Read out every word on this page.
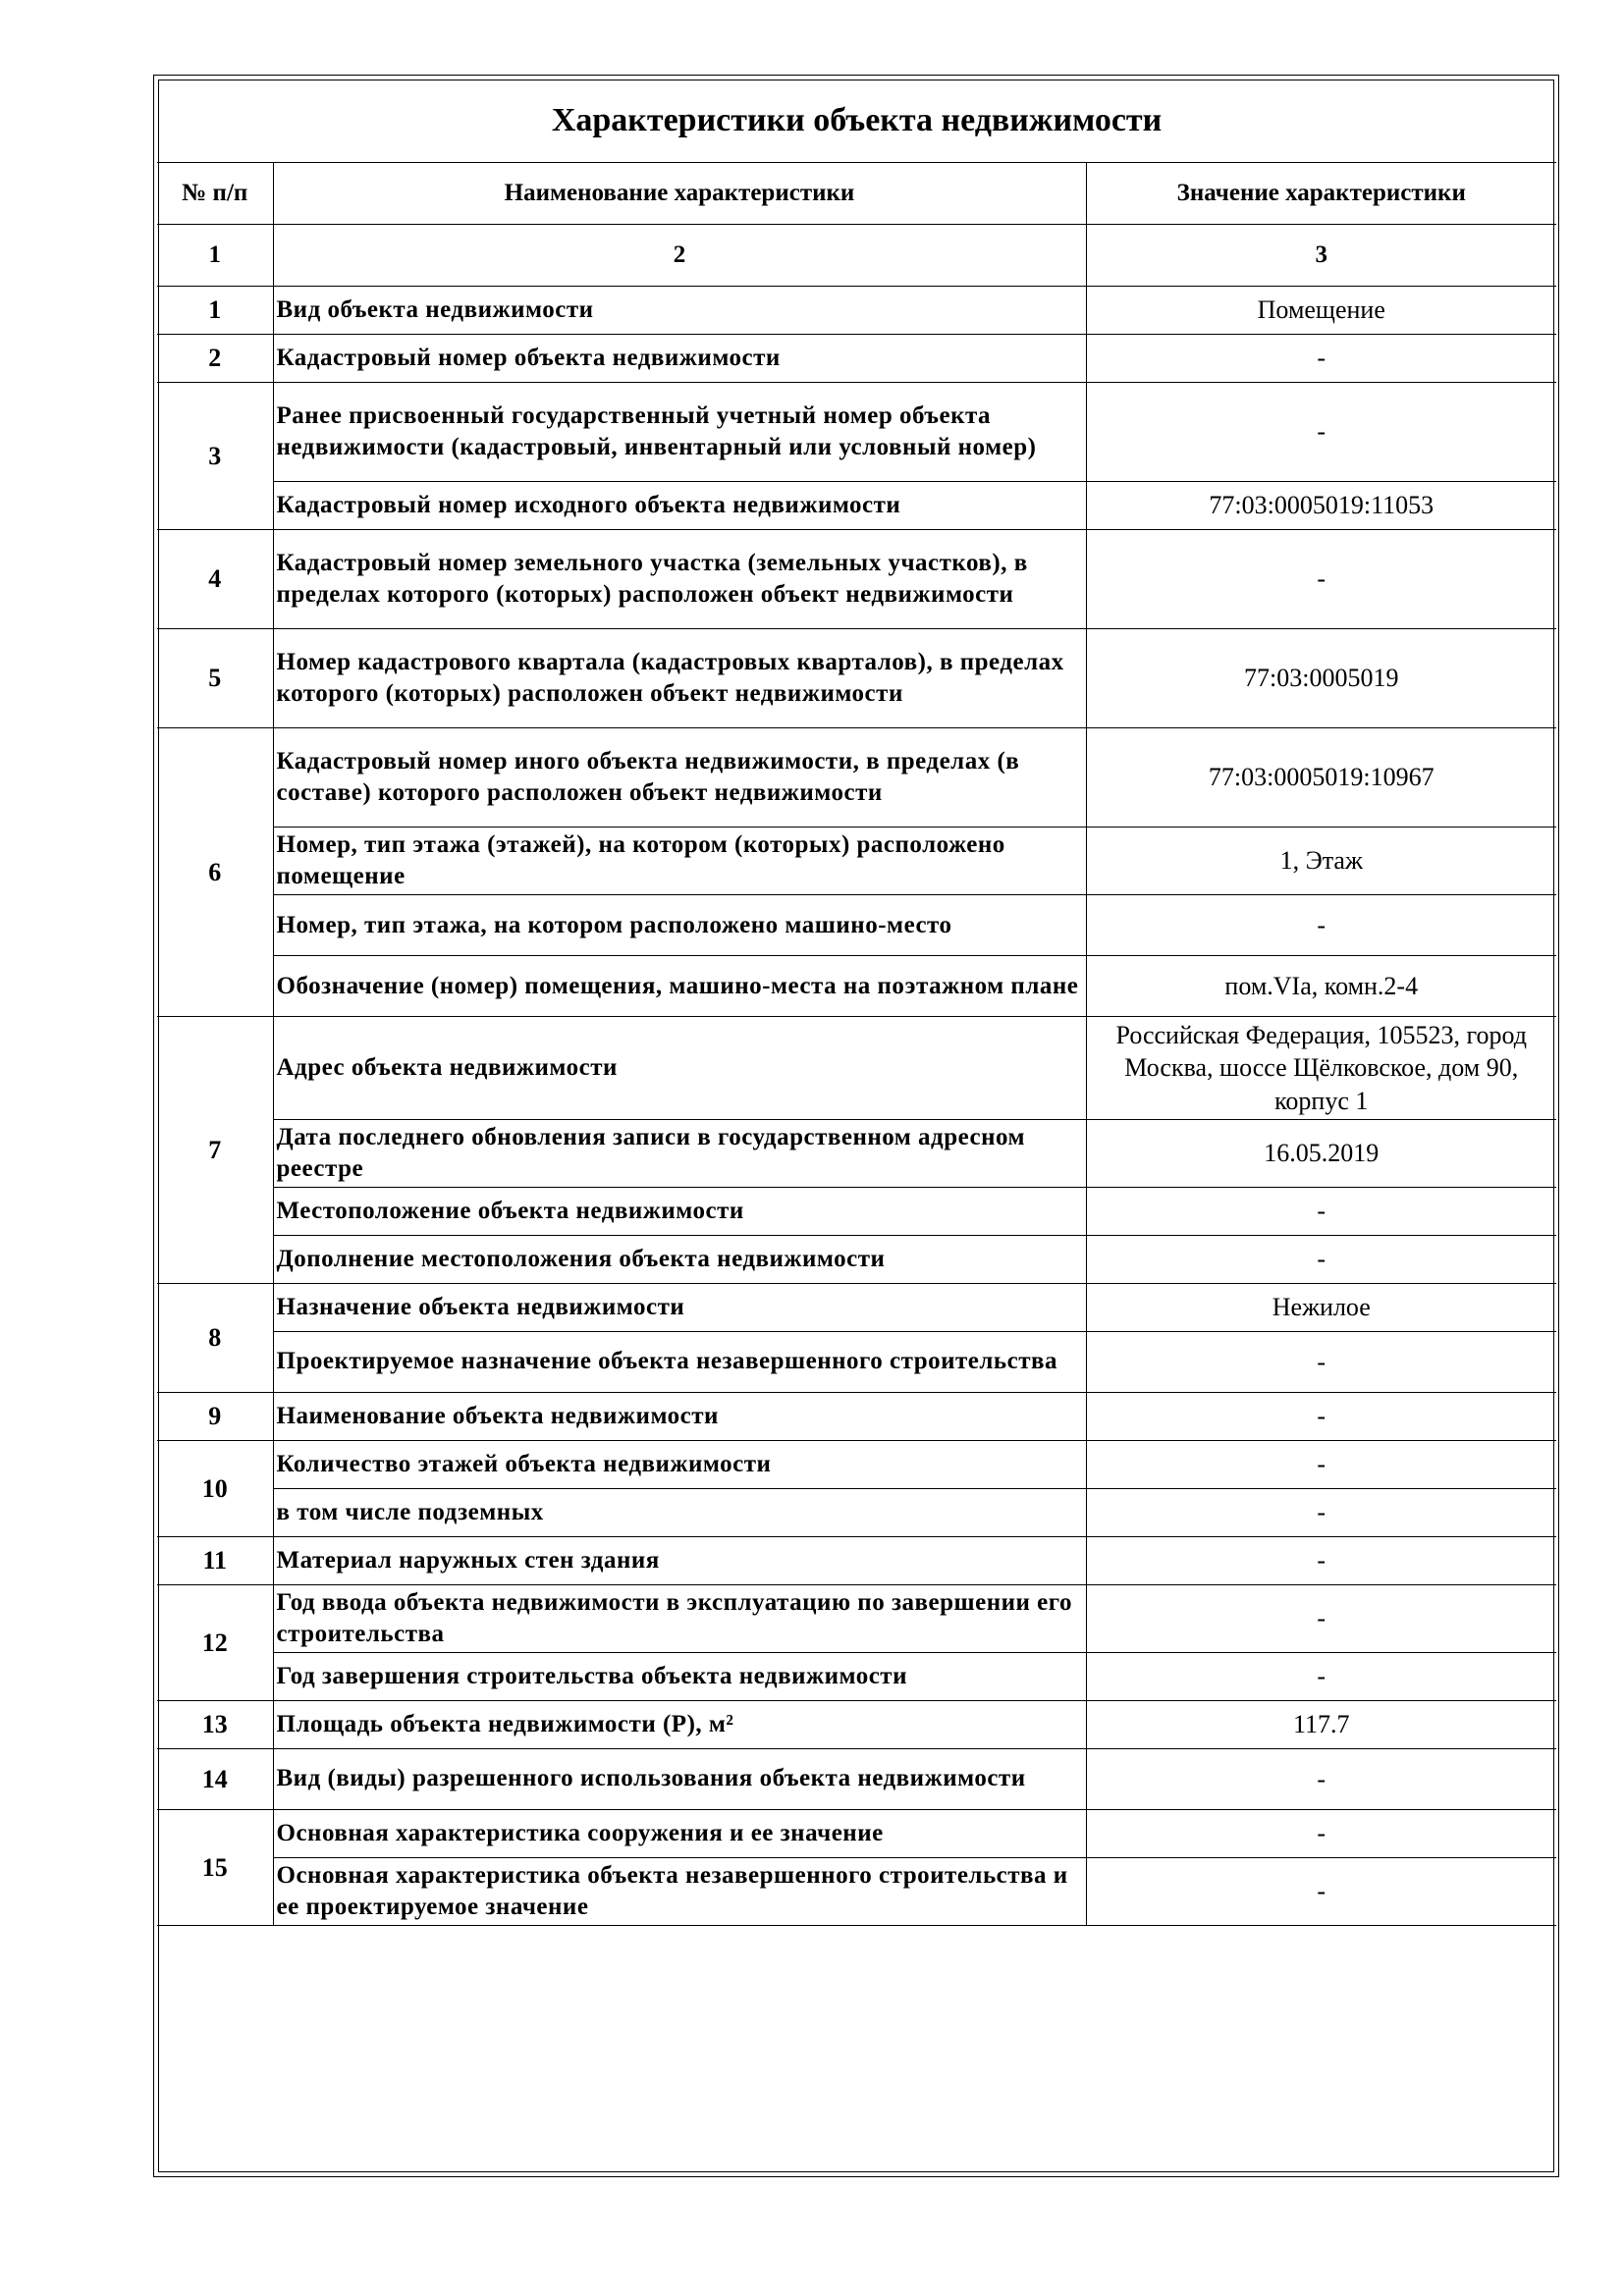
Характеристики объекта недвижимости		
№ п/п	Наименование характеристики	Значение характеристики
1	2	3
1	Вид объекта недвижимости	Помещение
2	Кадастровый номер объекта недвижимости	-
3	Ранее присвоенный государственный учетный номер объекта недвижимости (кадастровый, инвентарный или условный номер)	-
	Кадастровый номер исходного объекта недвижимости	77:03:0005019:11053
4	Кадастровый номер земельного участка (земельных участков), в пределах которого (которых) расположен объект недвижимости	-
5	Номер кадастрового квартала (кадастровых кварталов), в пределах которого (которых) расположен объект недвижимости	77:03:0005019
6	Кадастровый номер иного объекта недвижимости, в пределах (в составе) которого расположен объект недвижимости	77:03:0005019:10967
	Номер, тип этажа (этажей), на котором (которых) расположено помещение	1, Этаж
	Номер, тип этажа, на котором расположено машино-место	-
	Обозначение (номер) помещения, машино-места на поэтажном плане	пом.VIа, комн.2-4
7	Адрес объекта недвижимости	Российская Федерация, 105523, город Москва, шоссе Щёлковское, дом 90, корпус 1
	Дата последнего обновления записи в государственном адресном реестре	16.05.2019
	Местоположение объекта недвижимости	-
	Дополнение местоположения объекта недвижимости	-
8	Назначение объекта недвижимости	Нежилое
	Проектируемое назначение объекта незавершенного строительства	-
9	Наименование объекта недвижимости	-
10	Количество этажей объекта недвижимости	-
	в том числе подземных	-
11	Материал наружных стен здания	-
12	Год ввода объекта недвижимости в эксплуатацию по завершении его строительства	-
	Год завершения строительства объекта недвижимости	-
13	Площадь объекта недвижимости (Р), м²	117.7
14	Вид (виды) разрешенного использования объекта недвижимости	-
15	Основная характеристика сооружения и ее значение	-
	Основная характеристика объекта незавершенного строительства и ее проектируемое значение	-
